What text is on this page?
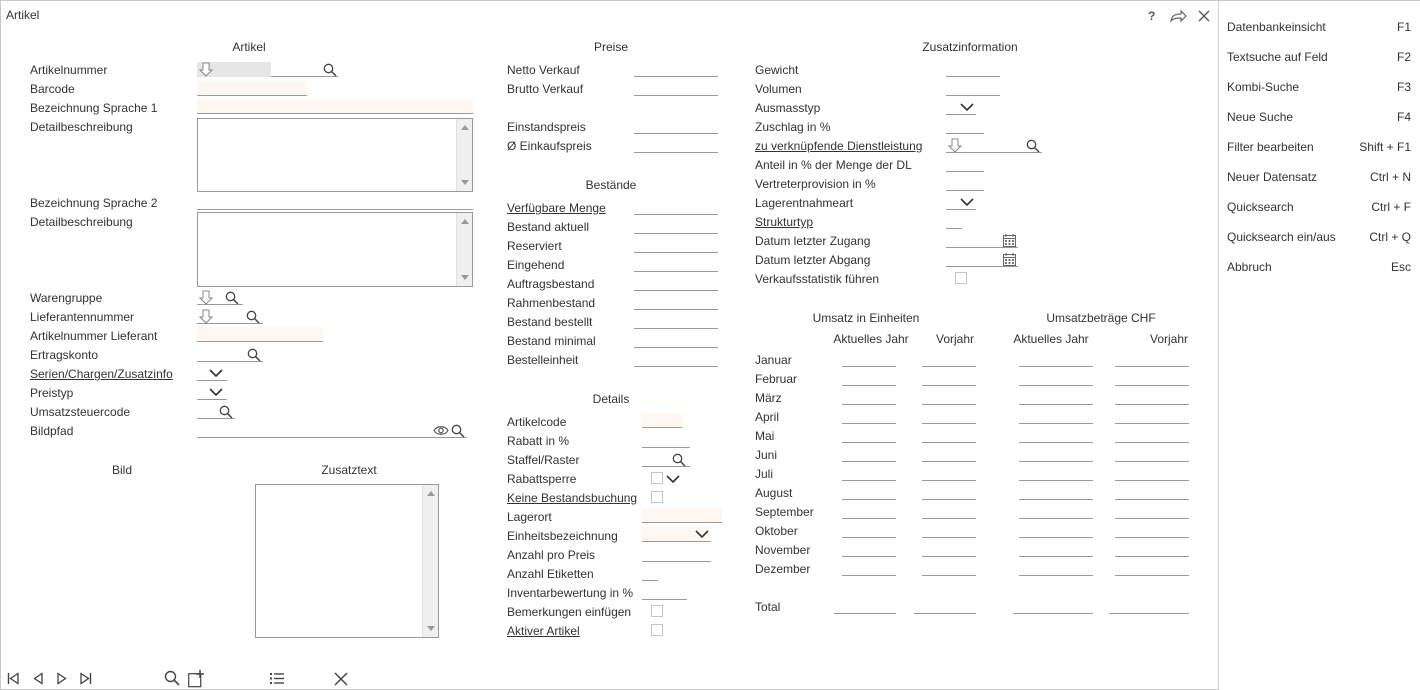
Artikel	?
Artikel
Artikelnummer
Barcode
Bezeichnung Sprache 1
Detailbeschreibung
Bezeichnung Sprache 2
Detailbeschreibung
Warengruppe
Lieferantennummer
Artikelnummer Lieferant
Ertragskonto
Serien/Chargen/Zusatzinfo
Preistyp
Umsatzsteuercode
Bildpfad
Bild	Zusatztext
Preise
Netto Verkauf
Brutto Verkauf
Einstandspreis
Ø Einkaufspreis
Bestände
Verfügbare Menge
Bestand aktuell
Reserviert
Eingehend
Auftragsbestand
Rahmenbestand
Bestand bestellt
Bestand minimal
Bestelleinheit
Details
Artikelcode
Rabatt in %
Staffel/Raster
Rabattsperre
Keine Bestandsbuchung
Lagerort
Einheitsbezeichnung
Anzahl pro Preis
Anzahl Etiketten
Inventarbewertung in %
Bemerkungen einfügen
Aktiver Artikel
Zusatzinformation
Gewicht
Volumen
Ausmasstyp
Zuschlag in %
zu verknüpfende Dienstleistung
Anteil in % der Menge der DL
Vertreterprovision in %
Lagerentnahmeart
Strukturtyp
Datum letzter Zugang
Datum letzter Abgang
Verkaufsstatistik führen
Umsatz in Einheiten	Umsatzbeträge CHF
Aktuelles Jahr	Vorjahr	Aktuelles Jahr	Vorjahr
Januar
Februar
März
April
Mai
Juni
Juli
August
September
Oktober
November
Dezember
Total
Datenbankeinsicht	F1
Textsuche auf Feld	F2
Kombi-Suche	F3
Neue Suche	F4
Filter bearbeiten	Shift + F1
Neuer Datensatz	Ctrl + N
Quicksearch	Ctrl + F
Quicksearch ein/aus	Ctrl + Q
Abbruch	Esc
